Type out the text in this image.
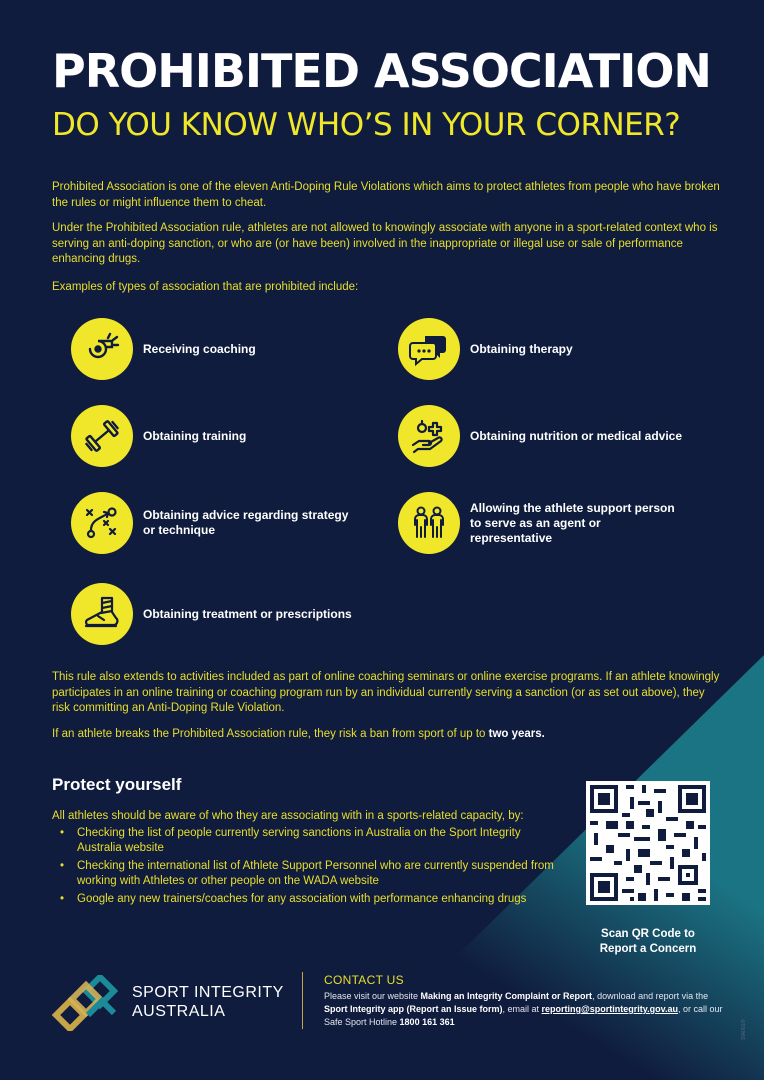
PROHIBITED ASSOCIATION
DO YOU KNOW WHO’S IN YOUR CORNER?
Prohibited Association is one of the eleven Anti-Doping Rule Violations which aims to protect athletes from people who have broken the rules or might influence them to cheat.
Under the Prohibited Association rule, athletes are not allowed to knowingly associate with anyone in a sport-related context who is serving an anti-doping sanction, or who are (or have been) involved in the inappropriate or illegal use or sale of performance enhancing drugs.
Examples of types of association that are prohibited include:
Receiving coaching	Obtaining therapy
Obtaining training	Obtaining nutrition or medical advice
Obtaining advice regarding strategy or technique
Allowing the athlete support person to serve as an agent or representative
Obtaining treatment or prescriptions
This rule also extends to activities included as part of online coaching seminars or online exercise programs. If an athlete knowingly participates in an online training or coaching program run by an individual currently serving a sanction (or as set out above), they risk committing an Anti-Doping Rule Violation.
If an athlete breaks the Prohibited Association rule, they risk a ban from sport of up to two years.
Protect yourself
All athletes should be aware of who they are associating with in a sports-related capacity, by:
• Checking the list of people currently serving sanctions in Australia on the Sport Integrity Australia website
• Checking the international list of Athlete Support Personnel who are currently suspended from working with Athletes or other people on the WADA website
• Google any new trainers/coaches for any association with performance enhancing drugs
Scan QR Code to
Report a Concern
SPORT INTEGRITY
AUSTRALIA
CONTACT US
Please visit our website Making an Integrity Complaint or Report, download and report via the Sport Integrity app (Report an Issue form), email at reporting@sportintegrity.gov.au, or call our Safe Sport Hotline 1800 161 361	SIA001/0
